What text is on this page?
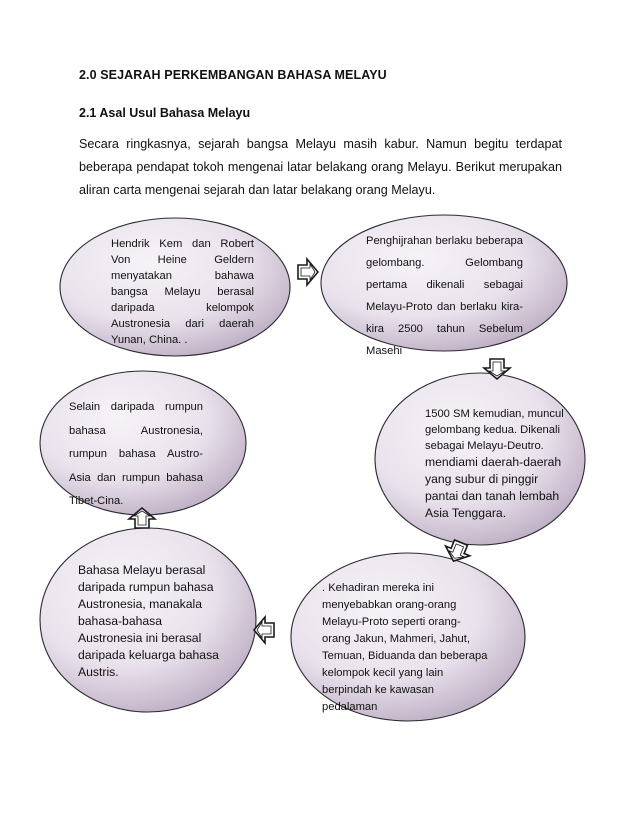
2.0 SEJARAH PERKEMBANGAN BAHASA MELAYU
2.1 Asal Usul Bahasa Melayu
Secara ringkasnya, sejarah bangsa Melayu masih kabur. Namun begitu terdapat beberapa pendapat tokoh mengenai latar belakang orang Melayu. Berikut merupakan aliran carta mengenai sejarah dan latar belakang orang Melayu.
Hendrik Kem dan Robert Von Heine Geldern menyatakan bahawa bangsa Melayu berasal daripada kelompok Austronesia dari daerah Yunan, China. .
Penghijrahan berlaku beberapa gelombang. Gelombang pertama dikenali sebagai Melayu-Proto dan berlaku kira-kira 2500 tahun Sebelum Masehi
1500 SM kemudian, muncul gelombang kedua. Dikenali sebagai Melayu-Deutro.
mendiami daerah-daerah yang subur di pinggir pantai dan tanah lembah Asia Tenggara.
. Kehadiran mereka ini menyebabkan orang-orang Melayu-Proto seperti orang-orang Jakun, Mahmeri, Jahut, Temuan, Biduanda dan beberapa kelompok kecil yang lain berpindah ke kawasan pedalaman
Bahasa Melayu berasal daripada rumpun bahasa Austronesia, manakala bahasa-bahasa Austronesia ini berasal daripada keluarga bahasa Austris.
Selain daripada rumpun bahasa Austronesia, rumpun bahasa Austro-Asia dan rumpun bahasa Tibet-Cina.
